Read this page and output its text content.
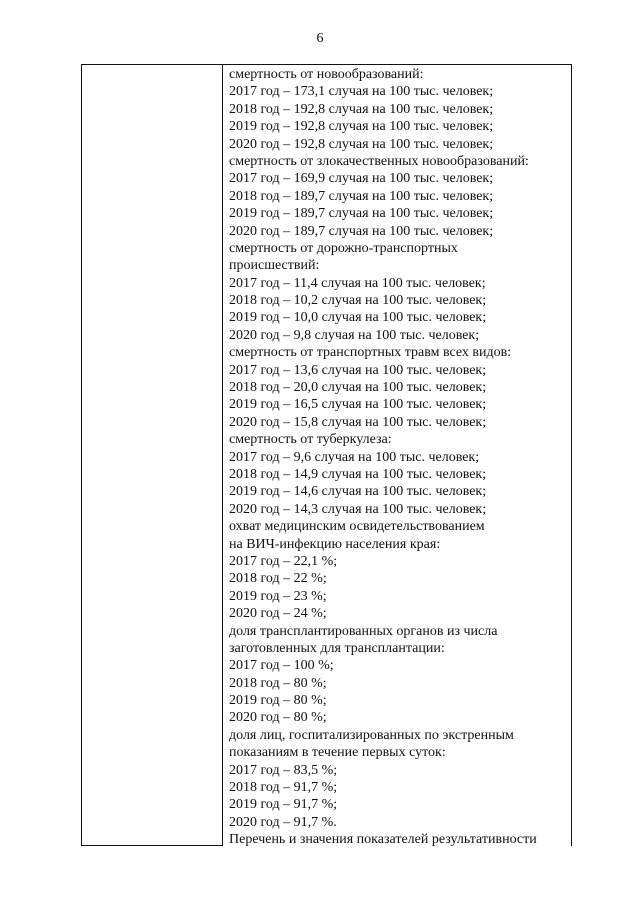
6
смертность от новообразований:
2017 год – 173,1 случая на 100 тыс. человек;
2018 год – 192,8 случая на 100 тыс. человек;
2019 год – 192,8 случая на 100 тыс. человек;
2020 год – 192,8 случая на 100 тыс. человек;
смертность от злокачественных новообразований:
2017 год – 169,9 случая на 100 тыс. человек;
2018 год – 189,7 случая на 100 тыс. человек;
2019 год – 189,7 случая на 100 тыс. человек;
2020 год – 189,7 случая на 100 тыс. человек;
смертность от дорожно-транспортных
происшествий:
2017 год – 11,4 случая на 100 тыс. человек;
2018 год – 10,2 случая на 100 тыс. человек;
2019 год – 10,0 случая на 100 тыс. человек;
2020 год – 9,8 случая на 100 тыс. человек;
смертность от транспортных травм всех видов:
2017 год – 13,6 случая на 100 тыс. человек;
2018 год – 20,0 случая на 100 тыс. человек;
2019 год – 16,5 случая на 100 тыс. человек;
2020 год – 15,8 случая на 100 тыс. человек;
смертность от туберкулеза:
2017 год – 9,6 случая на 100 тыс. человек;
2018 год – 14,9 случая на 100 тыс. человек;
2019 год – 14,6 случая на 100 тыс. человек;
2020 год – 14,3 случая на 100 тыс. человек;
охват медицинским освидетельствованием
на ВИЧ-инфекцию населения края:
2017 год – 22,1 %;
2018 год – 22 %;
2019 год – 23 %;
2020 год – 24 %;
доля трансплантированных органов из числа
заготовленных для трансплантации:
2017 год – 100 %;
2018 год – 80 %;
2019 год – 80 %;
2020 год – 80 %;
доля лиц, госпитализированных по экстренным
показаниям в течение первых суток:
2017 год – 83,5 %;
2018 год – 91,7 %;
2019 год – 91,7 %;
2020 год – 91,7 %.
Перечень и значения показателей результативности
